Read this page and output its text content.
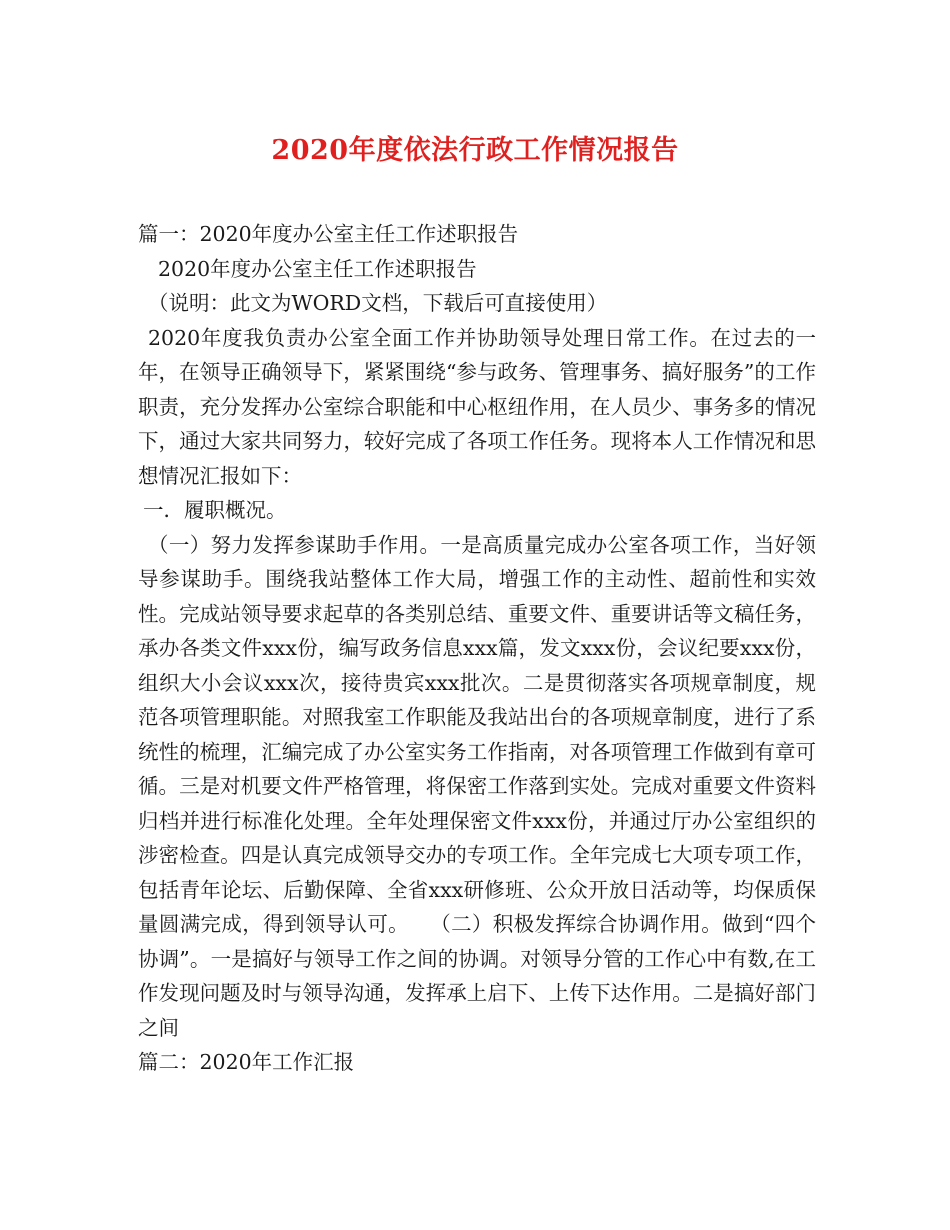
2020年度依法行政工作情况报告

篇一：2020年度办公室主任工作述职报告

2020年度办公室主任工作述职报告

（说明：此文为WORD文档，下载后可直接使用）

2020年度我负责办公室全面工作并协助领导处理日常工作。在过去的一年，在领导正确领导下，紧紧围绕“参与政务、管理事务、搞好服务”的工作职责，充分发挥办公室综合职能和中心枢纽作用，在人员少、事务多的情况下，通过大家共同努力，较好完成了各项工作任务。现将本人工作情况和思想情况汇报如下：

一．履职概况。

（一）努力发挥参谋助手作用。一是高质量完成办公室各项工作，当好领导参谋助手。围绕我站整体工作大局，增强工作的主动性、超前性和实效性。完成站领导要求起草的各类别总结、重要文件、重要讲话等文稿任务，承办各类文件xxx份，编写政务信息xxx篇，发文xxx份，会议纪要xxx份，组织大小会议xxx次，接待贵宾xxx批次。二是贯彻落实各项规章制度，规范各项管理职能。对照我室工作职能及我站出台的各项规章制度，进行了系统性的梳理，汇编完成了办公室实务工作指南，对各项管理工作做到有章可循。三是对机要文件严格管理，将保密工作落到实处。完成对重要文件资料归档并进行标准化处理。全年处理保密文件xxx份，并通过厅办公室组织的涉密检查。四是认真完成领导交办的专项工作。全年完成七大项专项工作，包括青年论坛、后勤保障、全省xxx研修班、公众开放日活动等，均保质保量圆满完成，得到领导认可。　　（二）积极发挥综合协调作用。做到“四个协调”。一是搞好与领导工作之间的协调。对领导分管的工作心中有数,在工作发现问题及时与领导沟通，发挥承上启下、上传下达作用。二是搞好部门之间

篇二：2020年工作汇报
